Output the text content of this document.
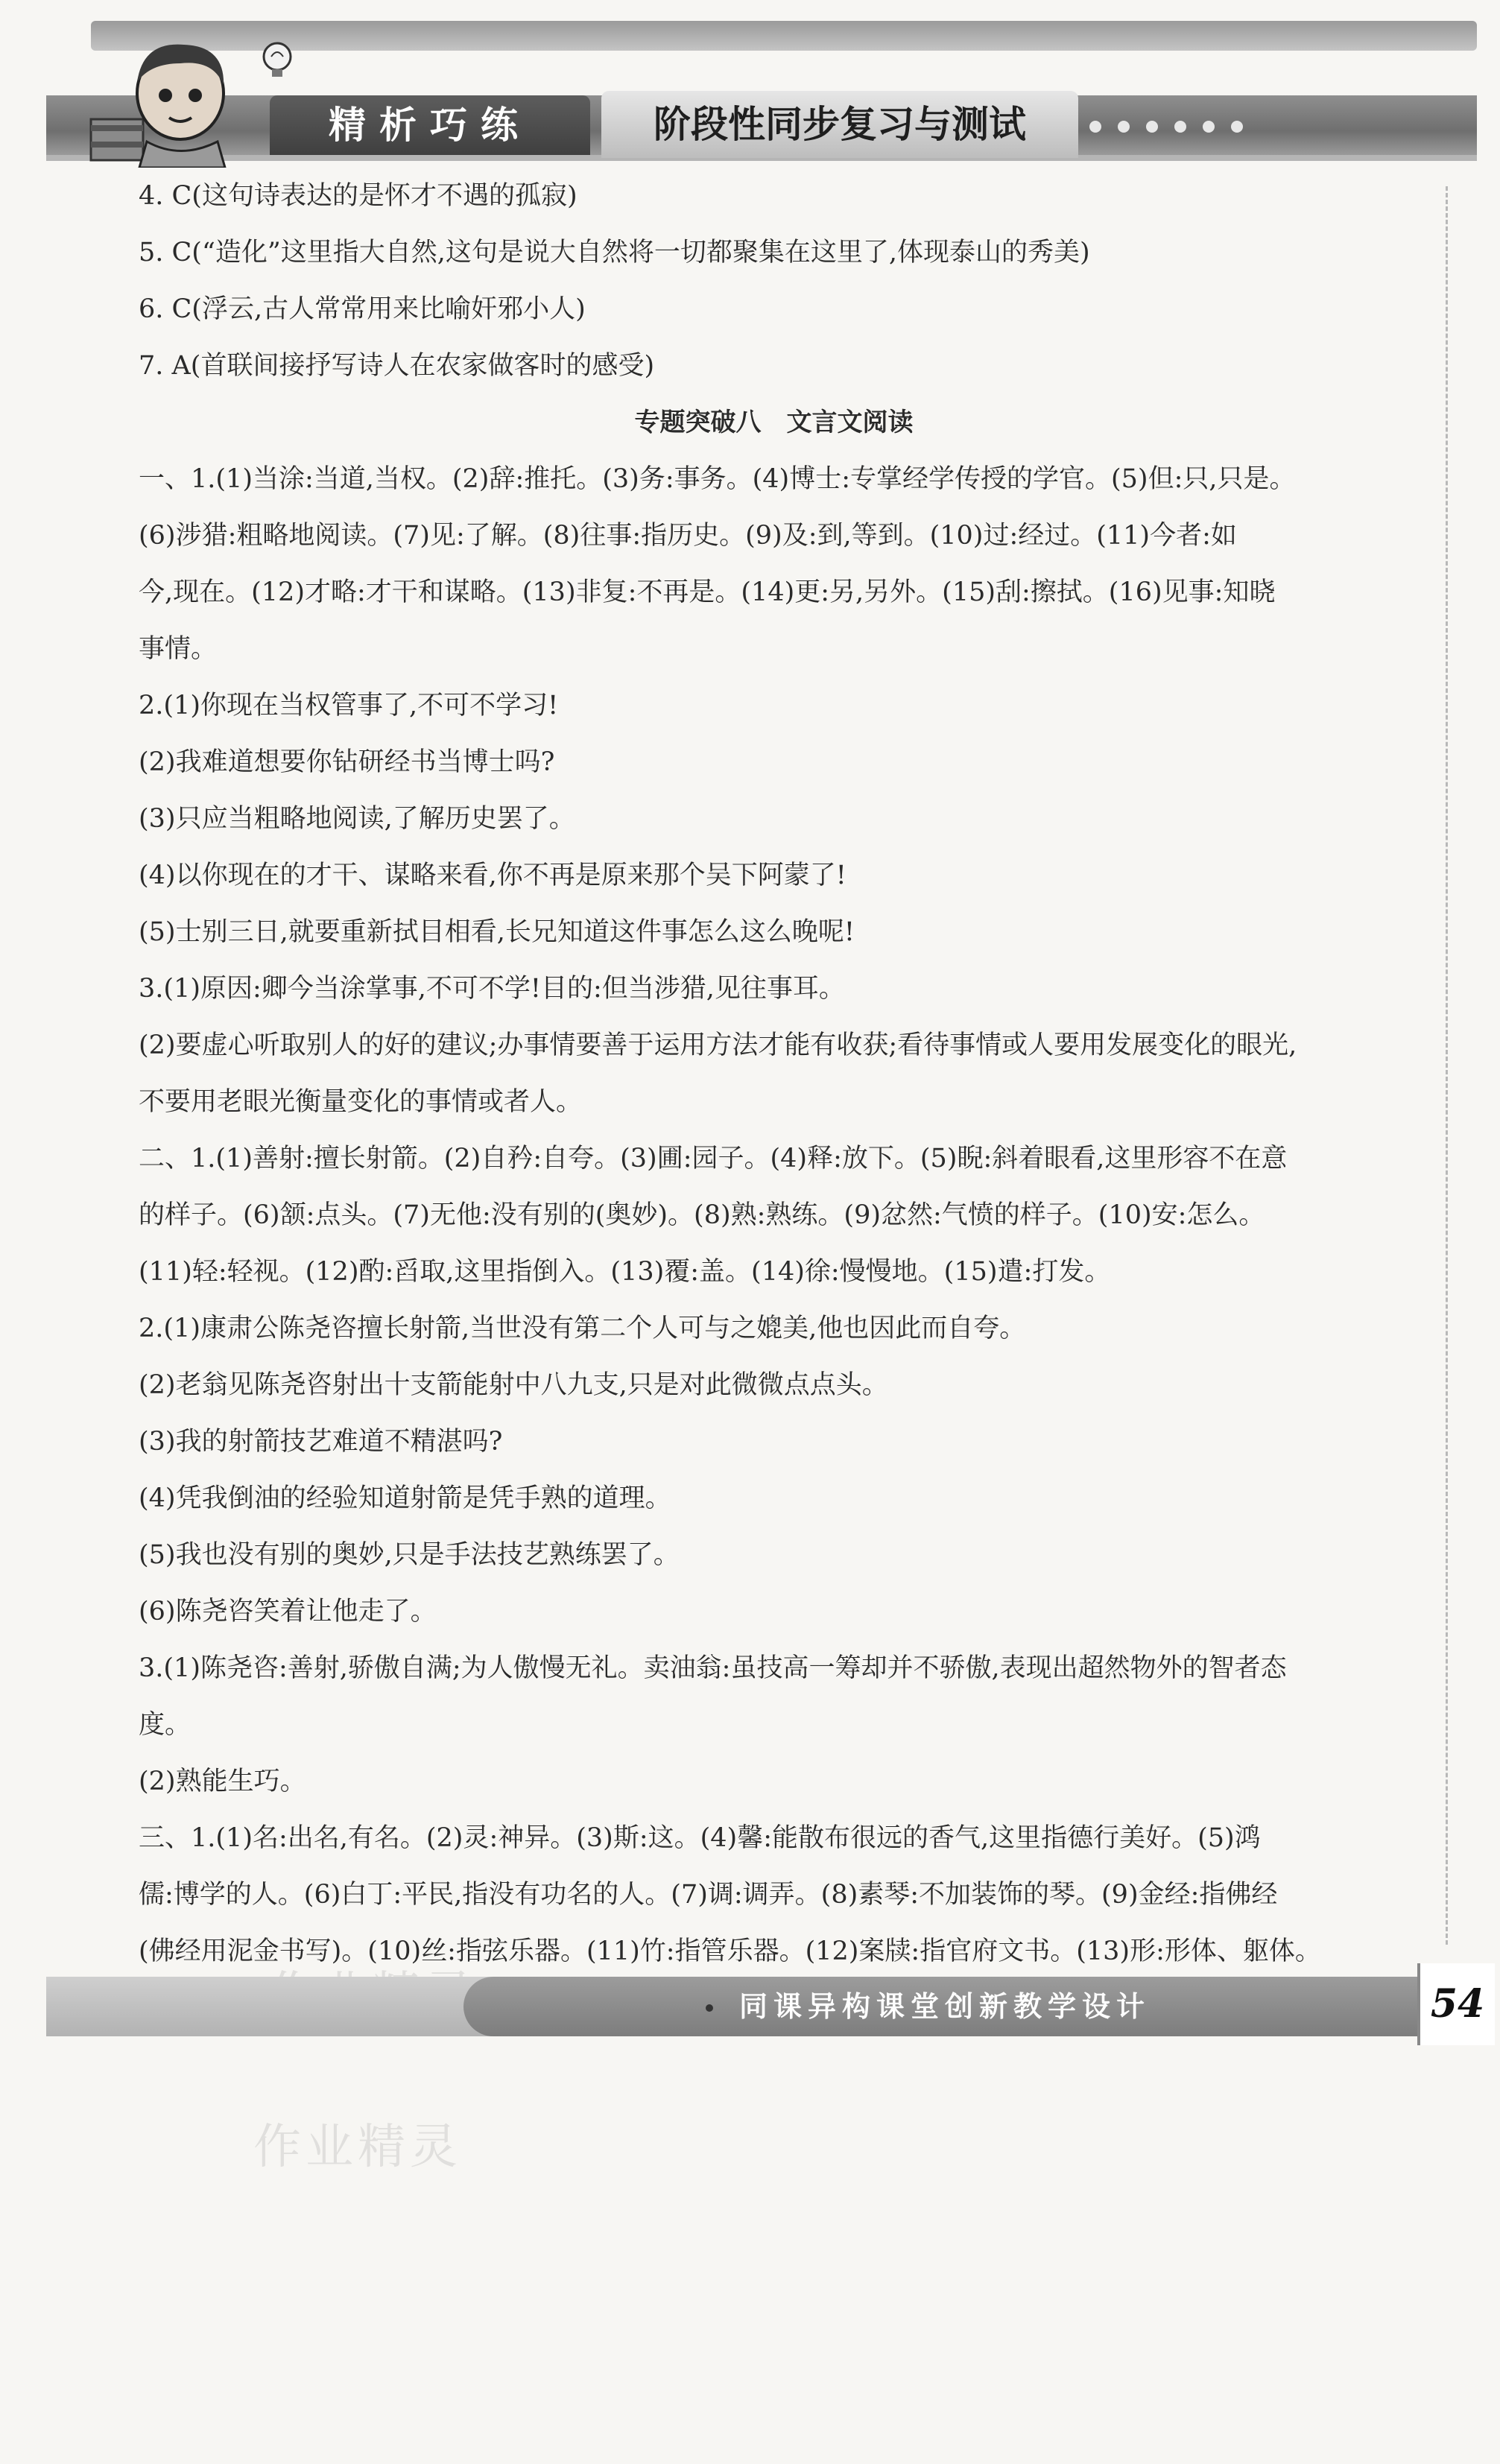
精析巧练	阶段性同步复习与测试

4. C(这句诗表达的是怀才不遇的孤寂)

5. C(“造化”这里指大自然,这句是说大自然将一切都聚集在这里了,体现泰山的秀美)

6. C(浮云,古人常常用来比喻奸邪小人)

7. A(首联间接抒写诗人在农家做客时的感受)

专题突破八　文言文阅读

一、1.(1)当涂:当道,当权。(2)辞:推托。(3)务:事务。(4)博士:专掌经学传授的学官。(5)但:只,只是。

(6)涉猎:粗略地阅读。(7)见:了解。(8)往事:指历史。(9)及:到,等到。(10)过:经过。(11)今者:如

今,现在。(12)才略:才干和谋略。(13)非复:不再是。(14)更:另,另外。(15)刮:擦拭。(16)见事:知晓

事情。

2.(1)你现在当权管事了,不可不学习!

(2)我难道想要你钻研经书当博士吗?

(3)只应当粗略地阅读,了解历史罢了。

(4)以你现在的才干、谋略来看,你不再是原来那个吴下阿蒙了!

(5)士别三日,就要重新拭目相看,长兄知道这件事怎么这么晚呢!

3.(1)原因:卿今当涂掌事,不可不学!目的:但当涉猎,见往事耳。

(2)要虚心听取别人的好的建议;办事情要善于运用方法才能有收获;看待事情或人要用发展变化的眼光,

不要用老眼光衡量变化的事情或者人。

二、1.(1)善射:擅长射箭。(2)自矜:自夸。(3)圃:园子。(4)释:放下。(5)睨:斜着眼看,这里形容不在意

的样子。(6)颔:点头。(7)无他:没有别的(奥妙)。(8)熟:熟练。(9)忿然:气愤的样子。(10)安:怎么。

(11)轻:轻视。(12)酌:舀取,这里指倒入。(13)覆:盖。(14)徐:慢慢地。(15)遣:打发。

2.(1)康肃公陈尧咨擅长射箭,当世没有第二个人可与之媲美,他也因此而自夸。

(2)老翁见陈尧咨射出十支箭能射中八九支,只是对此微微点点头。

(3)我的射箭技艺难道不精湛吗?

(4)凭我倒油的经验知道射箭是凭手熟的道理。

(5)我也没有别的奥妙,只是手法技艺熟练罢了。

(6)陈尧咨笑着让他走了。

3.(1)陈尧咨:善射,骄傲自满;为人傲慢无礼。卖油翁:虽技高一筹却并不骄傲,表现出超然物外的智者态

度。

(2)熟能生巧。

三、1.(1)名:出名,有名。(2)灵:神异。(3)斯:这。(4)馨:能散布很远的香气,这里指德行美好。(5)鸿

儒:博学的人。(6)白丁:平民,指没有功名的人。(7)调:调弄。(8)素琴:不加装饰的琴。(9)金经:指佛经

(佛经用泥金书写)。(10)丝:指弦乐器。(11)竹:指管乐器。(12)案牍:指官府文书。(13)形:形体、躯体。

作业精灵
同课异构课堂创新教学设计	54
